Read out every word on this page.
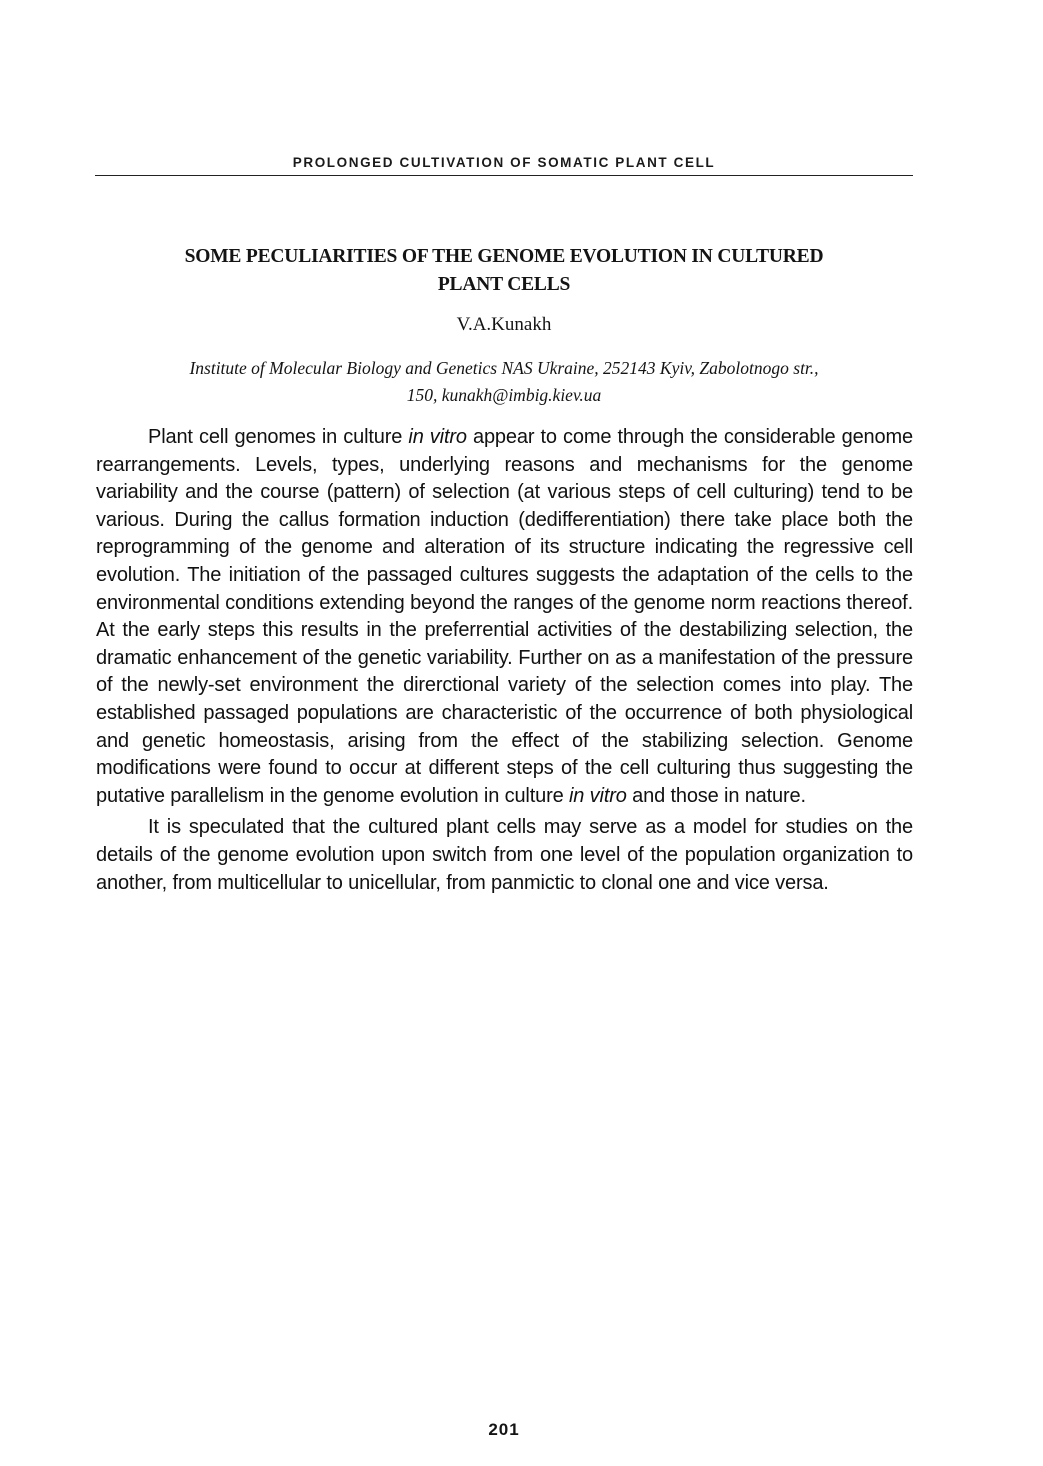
PROLONGED CULTIVATION OF SOMATIC PLANT CELL
SOME PECULIARITIES OF THE GENOME EVOLUTION IN CULTURED
PLANT CELLS
V.A.Kunakh
Institute of Molecular Biology and Genetics NAS Ukraine, 252143 Kyiv, Zabolotnogo str.,
150, kunakh@imbig.kiev.ua

Plant cell genomes in culture in vitro appear to come through the considerable genome rearrangements. Levels, types, underlying reasons and mechanisms for the genome variability and the course (pattern) of selection (at various steps of cell culturing) tend to be various. During the callus formation induction (dedifferentiation) there take place both the reprogramming of the genome and alteration of its structure indicating the regressive cell evolution. The initiation of the passaged cultures suggests the adaptation of the cells to the environmental conditions extending beyond the ranges of the genome norm reactions thereof. At the early steps this results in the preferrential activities of the destabilizing selection, the dramatic enhancement of the genetic variability. Further on as a manifestation of the pressure of the newly-set environment the direrctional variety of the selection comes into play. The established passaged populations are characteristic of the occurrence of both physiological and genetic homeostasis, arising from the effect of the stabilizing selection. Genome modifications were found to occur at different steps of the cell culturing thus suggesting the putative parallelism in the genome evolution in culture in vitro and those in nature.

It is speculated that the cultured plant cells may serve as a model for studies on the details of the genome evolution upon switch from one level of the population organization to another, from multicellular to unicellular, from panmictic to clonal one and vice versa.

201
